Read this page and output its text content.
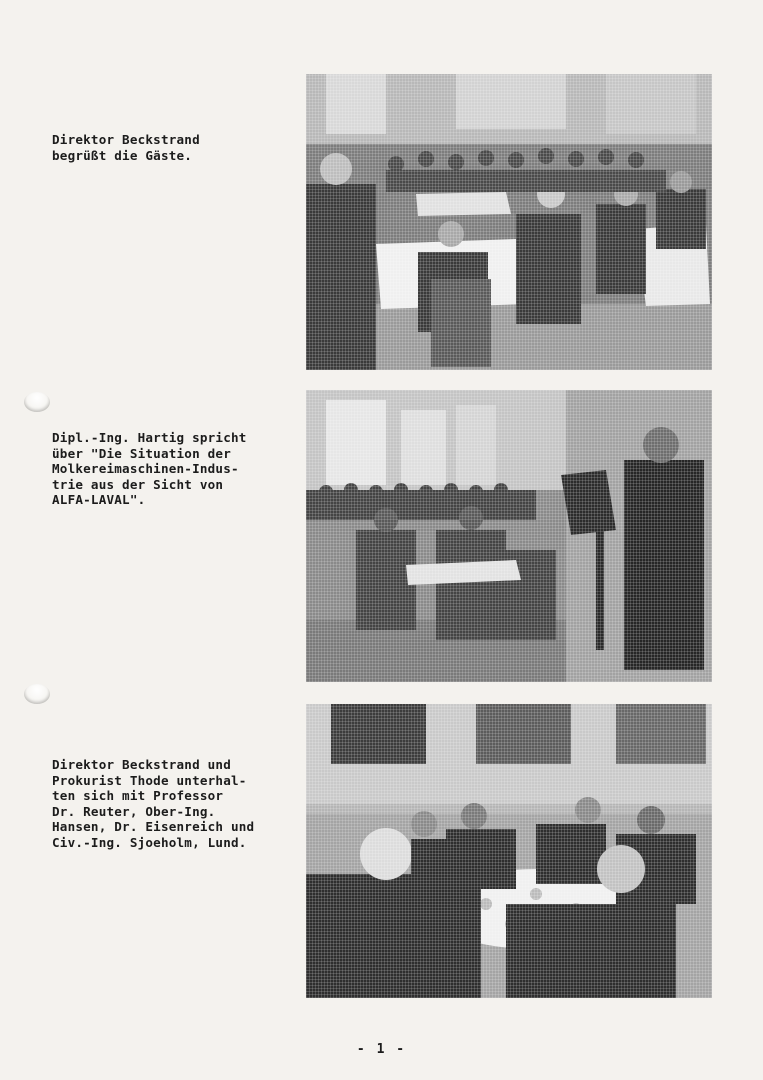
Direktor Beckstrand
begrüßt die Gäste.
Dipl.-Ing. Hartig spricht
über "Die Situation der
Molkereimaschinen-Indus-
trie aus der Sicht von
ALFA-LAVAL".
Direktor Beckstrand und
Prokurist Thode unterhal-
ten sich mit Professor
Dr. Reuter, Ober-Ing.
Hansen, Dr. Eisenreich und
Civ.-Ing. Sjoeholm, Lund.
- 1 -
